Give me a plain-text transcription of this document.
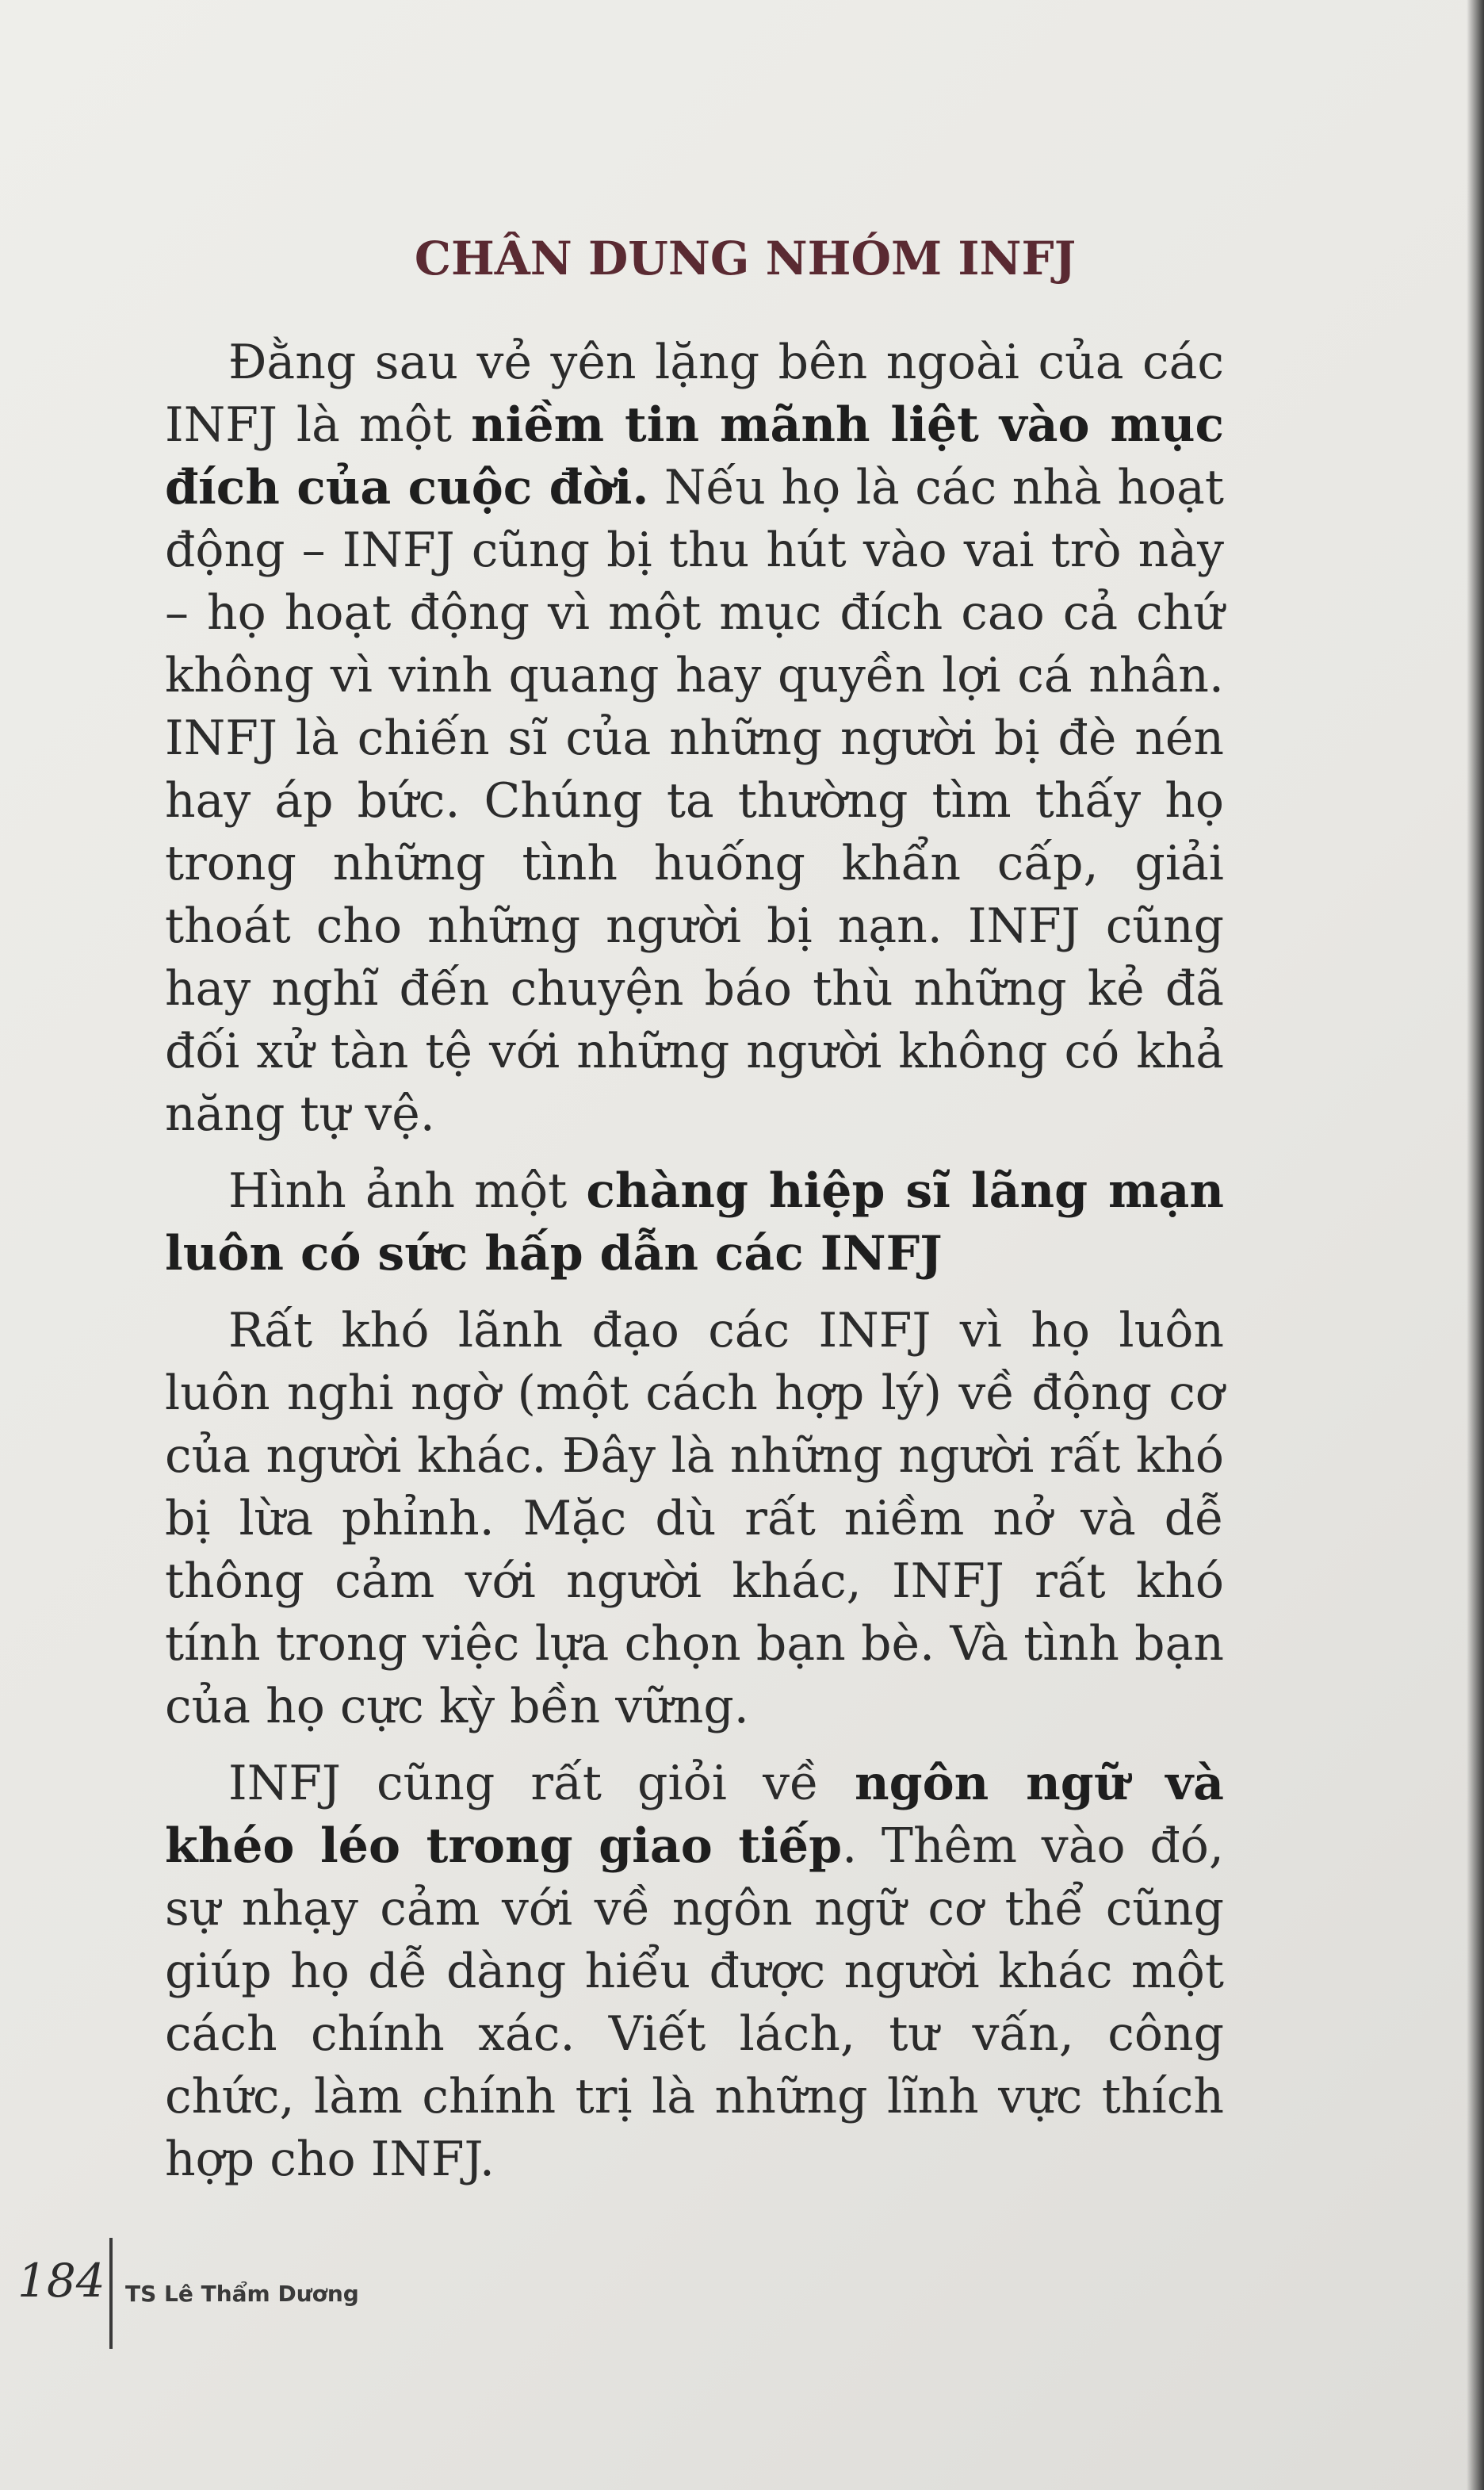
CHÂN DUNG NHÓM INFJ

Đằng sau vẻ yên lặng bên ngoài của các INFJ là một niềm tin mãnh liệt vào mục đích của cuộc đời. Nếu họ là các nhà hoạt động – INFJ cũng bị thu hút vào vai trò này – họ hoạt động vì một mục đích cao cả chứ không vì vinh quang hay quyền lợi cá nhân. INFJ là chiến sĩ của những người bị đè nén hay áp bức. Chúng ta thường tìm thấy họ trong những tình huống khẩn cấp, giải thoát cho những người bị nạn. INFJ cũng hay nghĩ đến chuyện báo thù những kẻ đã đối xử tàn tệ với những người không có khả năng tự vệ.

Hình ảnh một chàng hiệp sĩ lãng mạn luôn có sức hấp dẫn các INFJ

Rất khó lãnh đạo các INFJ vì họ luôn luôn nghi ngờ (một cách hợp lý) về động cơ của người khác. Đây là những người rất khó bị lừa phỉnh. Mặc dù rất niềm nở và dễ thông cảm với người khác, INFJ rất khó tính trong việc lựa chọn bạn bè. Và tình bạn của họ cực kỳ bền vững.

INFJ cũng rất giỏi về ngôn ngữ và khéo léo trong giao tiếp. Thêm vào đó, sự nhạy cảm với về ngôn ngữ cơ thể cũng giúp họ dễ dàng hiểu được người khác một cách chính xác. Viết lách, tư vấn, công chức, làm chính trị là những lĩnh vực thích hợp cho INFJ.

184 TS Lê Thẩm Dương
